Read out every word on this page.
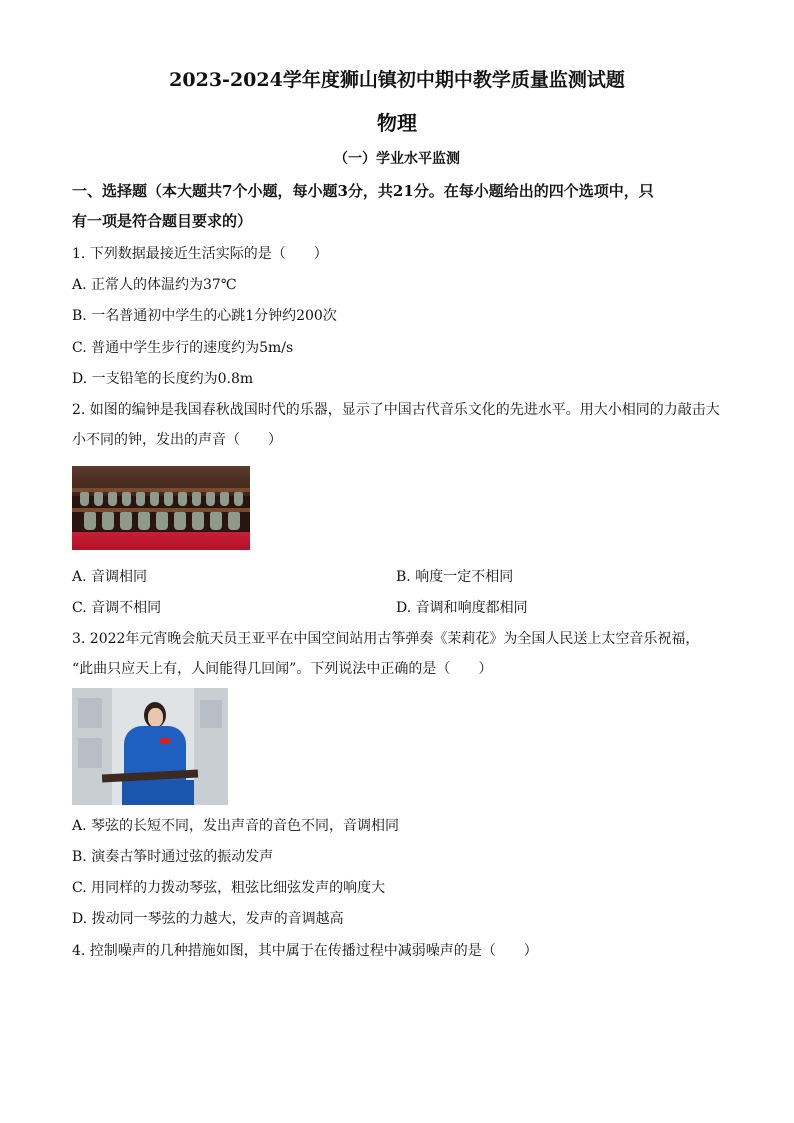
2023-2024学年度狮山镇初中期中教学质量监测试题
物理
（一）学业水平监测
一、选择题（本大题共7个小题，每小题3分，共21分。在每小题给出的四个选项中，只
有一项是符合题目要求的）
1. 下列数据最接近生活实际的是（　　）
A. 正常人的体温约为37℃
B. 一名普通初中学生的心跳1分钟约200次
C. 普通中学生步行的速度约为5m/s
D. 一支铅笔的长度约为0.8m
2. 如图的编钟是我国春秋战国时代的乐器，显示了中国古代音乐文化的先进水平。用大小相同的力敲击大
小不同的钟，发出的声音（　　）
A. 音调相同	B. 响度一定不相同
C. 音调不相同	D. 音调和响度都相同
3. 2022年元宵晚会航天员王亚平在中国空间站用古筝弹奏《茉莉花》为全国人民送上太空音乐祝福，
“此曲只应天上有，人间能得几回闻”。下列说法中正确的是（　　）
A. 琴弦的长短不同，发出声音的音色不同，音调相同
B. 演奏古筝时通过弦的振动发声
C. 用同样的力拨动琴弦，粗弦比细弦发声的响度大
D. 拨动同一琴弦的力越大，发声的音调越高
4. 控制噪声的几种措施如图，其中属于在传播过程中减弱噪声的是（　　）
